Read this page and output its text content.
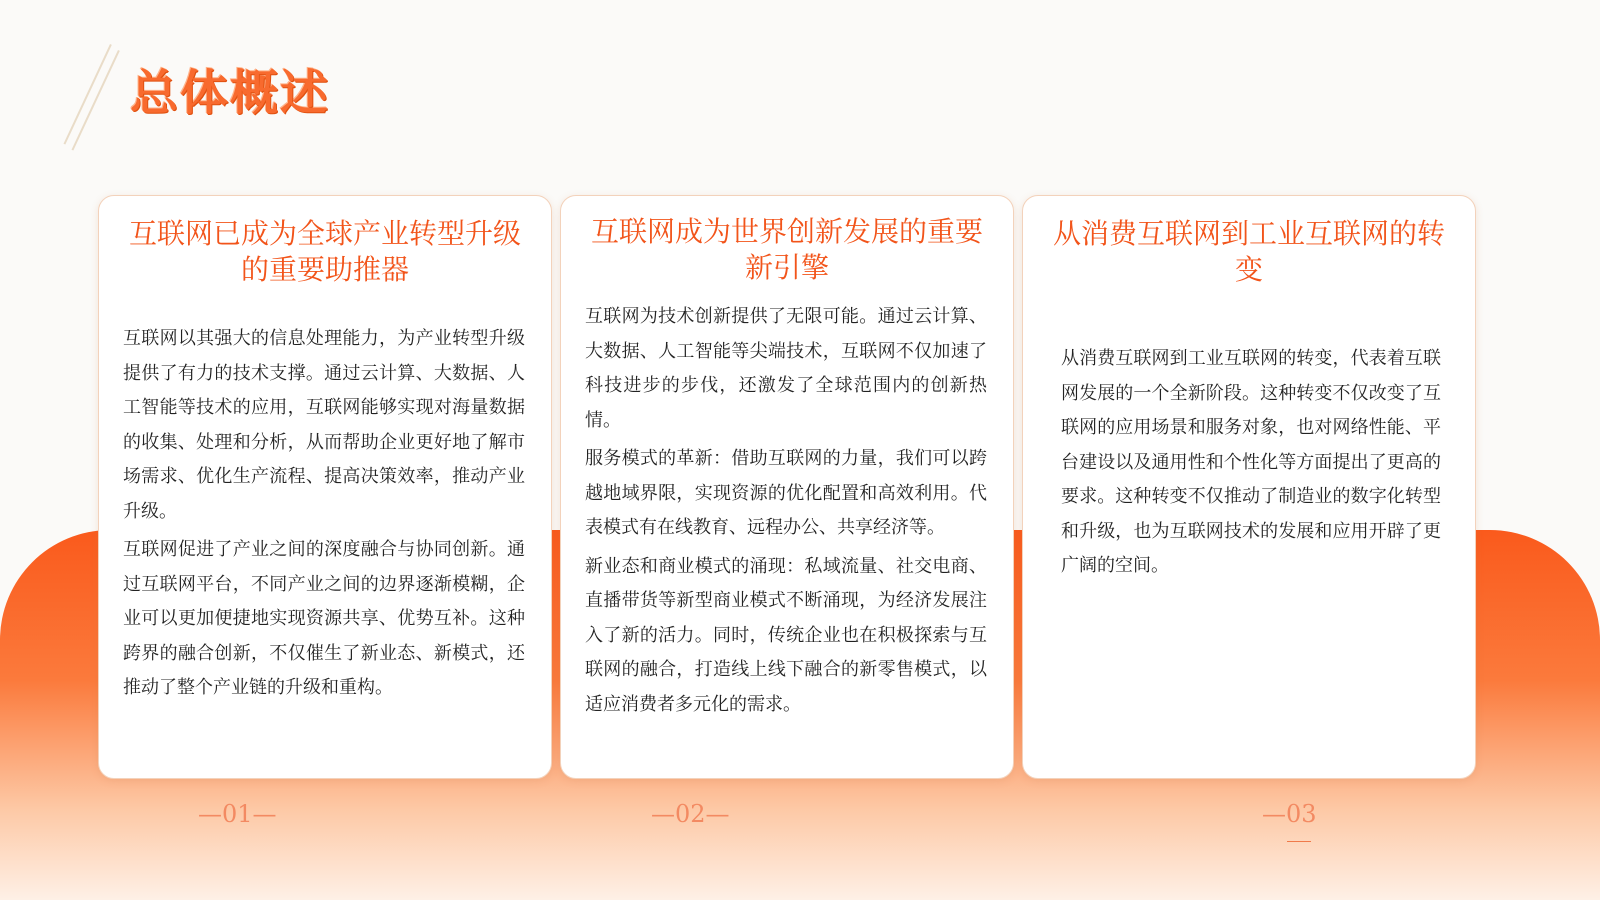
总体概述
互联网已成为全球产业转型升级的重要助推器

互联网以其强大的信息处理能力，为产业转型升级提供了有力的技术支撑。通过云计算、大数据、人工智能等技术的应用，互联网能够实现对海量数据的收集、处理和分析，从而帮助企业更好地了解市场需求、优化生产流程、提高决策效率，推动产业升级。

互联网促进了产业之间的深度融合与协同创新。通过互联网平台，不同产业之间的边界逐渐模糊，企业可以更加便捷地实现资源共享、优势互补。这种跨界的融合创新，不仅催生了新业态、新模式，还推动了整个产业链的升级和重构。

互联网成为世界创新发展的重要新引擎

互联网为技术创新提供了无限可能。通过云计算、大数据、人工智能等尖端技术，互联网不仅加速了科技进步的步伐，还激发了全球范围内的创新热情。

服务模式的革新：借助互联网的力量，我们可以跨越地域界限，实现资源的优化配置和高效利用。代表模式有在线教育、远程办公、共享经济等。

新业态和商业模式的涌现：私域流量、社交电商、直播带货等新型商业模式不断涌现，为经济发展注入了新的活力。同时，传统企业也在积极探索与互联网的融合，打造线上线下融合的新零售模式，以适应消费者多元化的需求。

从消费互联网到工业互联网的转变

从消费互联网到工业互联网的转变，代表着互联网发展的一个全新阶段。这种转变不仅改变了互联网的应用场景和服务对象，也对网络性能、平台建设以及通用性和个性化等方面提出了更高的要求。这种转变不仅推动了制造业的数字化转型和升级，也为互联网技术的发展和应用开辟了更广阔的空间。

—01—	—02—	—03
